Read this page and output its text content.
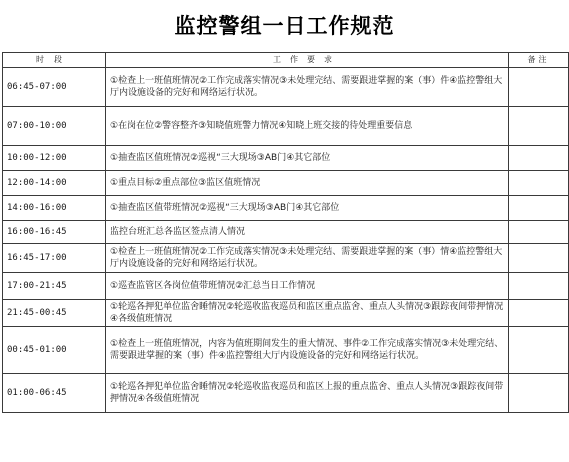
监控警组一日工作规范
时段	工作要求	备注
06:45-07:00	①检查上一班值班情况②工作完成落实情况③未处理完结、需要跟进掌握的案（事）件④监控警组大厅内设施设备的完好和网络运行状况。	
07:00-10:00	①在岗在位②警容整齐③知晓值班警力情况④知晓上班交接的待处理重要信息	
10:00-12:00	①抽查监区值班情况②巡视“三大现场③AB门④其它部位	
12:00-14:00	①重点目标②重点部位③监区值班情况	
14:00-16:00	①抽查监区值带班情况②巡视“三大现场③AB门④其它部位	
16:00-16:45	监控台班汇总各监区签点清人情况	
16:45-17:00	①检查上一班值班情况②工作完成落实情况③未处理完结、需要跟进掌握的案（事）情④监控警组大厅内设施设备的完好和网络运行状况。	
17:00-21:45	①巡查监管区各岗位值带班情况②汇总当日工作情况	
21:45-00:45	①轮巡各押犯单位监舍睡情况②轮巡收监夜巡员和监区重点监舍、重点人头情况③跟踪夜间带押情况④各级值班情况	
00:45-01:00	①检查上一班值班情况，内容为值班期间发生的重大情况、事件②工作完成落实情况③未处理完结、需要跟进掌握的案（事）件④监控警组大厅内设施设备的完好和网络运行状况。	
01:00-06:45	①轮巡各押犯单位监舍睡情况②轮巡收监夜巡员和监区上报的重点监舍、重点人头情况③跟踪夜间带押情况④各级值班情况	
